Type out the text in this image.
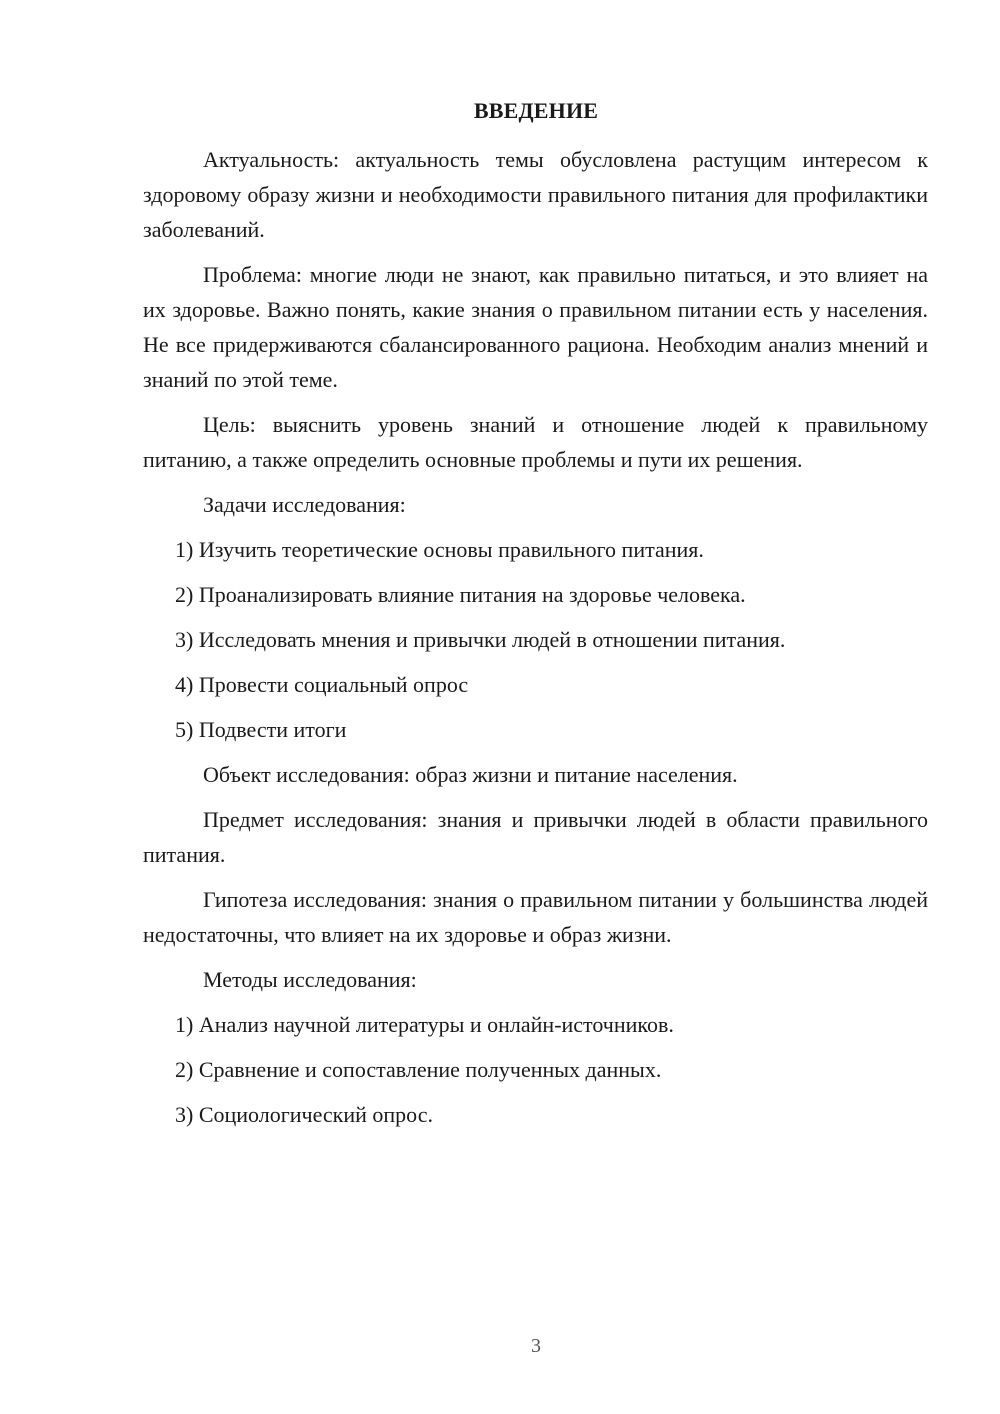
ВВЕДЕНИЕ

Актуальность: актуальность темы обусловлена растущим интересом к здоровому образу жизни и необходимости правильного питания для профилактики заболеваний.

Проблема: многие люди не знают, как правильно питаться, и это влияет на их здоровье. Важно понять, какие знания о правильном питании есть у населения. Не все придерживаются сбалансированного рациона. Необходим анализ мнений и знаний по этой теме.

Цель: выяснить уровень знаний и отношение людей к правильному питанию, а также определить основные проблемы и пути их решения.

Задачи исследования:

1) Изучить теоретические основы правильного питания.

2) Проанализировать влияние питания на здоровье человека.

3) Исследовать мнения и привычки людей в отношении питания.

4) Провести социальный опрос

5) Подвести итоги

Объект исследования: образ жизни и питание населения.

Предмет исследования: знания и привычки людей в области правильного питания.

Гипотеза исследования: знания о правильном питании у большинства людей недостаточны, что влияет на их здоровье и образ жизни.

Методы исследования:

1) Анализ научной литературы и онлайн-источников.

2) Сравнение и сопоставление полученных данных.

3) Социологический опрос.

3
